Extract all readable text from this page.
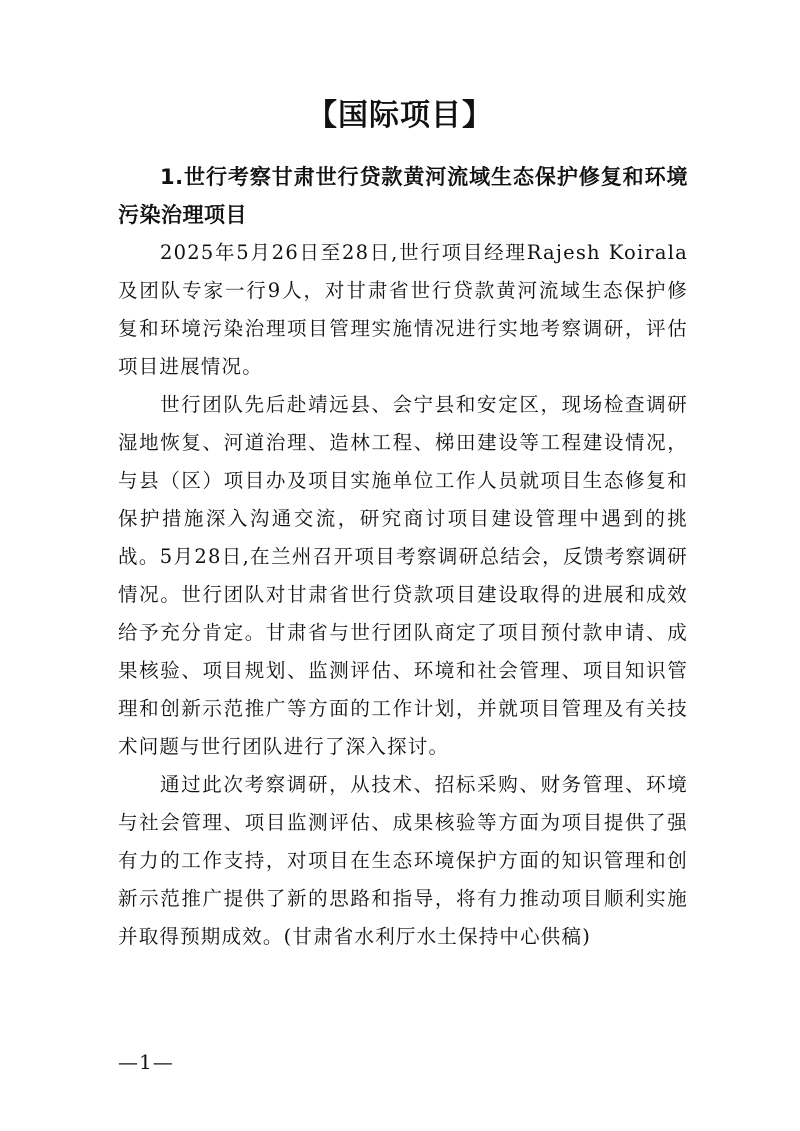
【国际项目】

1.世行考察甘肃世行贷款黄河流域生态保护修复和环境污染治理项目

2025年5月26日至28日,世行项目经理Rajesh Koirala及团队专家一行9人，对甘肃省世行贷款黄河流域生态保护修复和环境污染治理项目管理实施情况进行实地考察调研，评估项目进展情况。

世行团队先后赴靖远县、会宁县和安定区，现场检查调研湿地恢复、河道治理、造林工程、梯田建设等工程建设情况，与县（区）项目办及项目实施单位工作人员就项目生态修复和保护措施深入沟通交流，研究商讨项目建设管理中遇到的挑战。5月28日,在兰州召开项目考察调研总结会，反馈考察调研情况。世行团队对甘肃省世行贷款项目建设取得的进展和成效给予充分肯定。甘肃省与世行团队商定了项目预付款申请、成果核验、项目规划、监测评估、环境和社会管理、项目知识管理和创新示范推广等方面的工作计划，并就项目管理及有关技术问题与世行团队进行了深入探讨。

通过此次考察调研，从技术、招标采购、财务管理、环境与社会管理、项目监测评估、成果核验等方面为项目提供了强有力的工作支持，对项目在生态环境保护方面的知识管理和创新示范推广提供了新的思路和指导，将有力推动项目顺利实施并取得预期成效。(甘肃省水利厅水土保持中心供稿)

—1—
